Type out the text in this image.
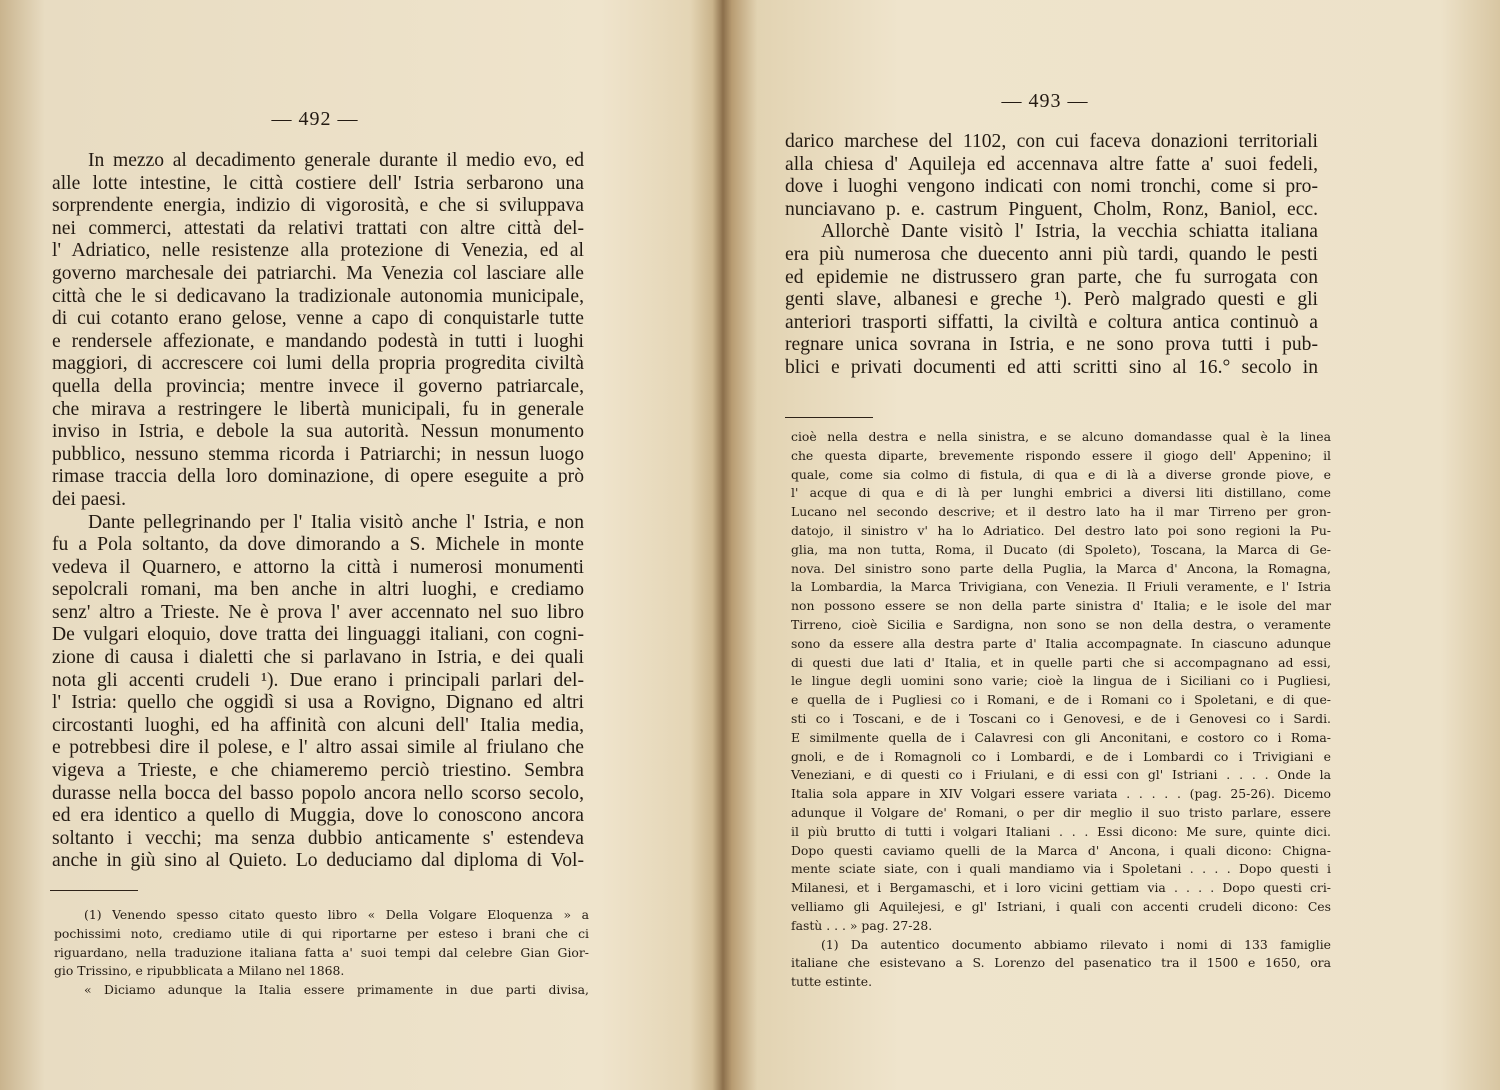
— 492 —
In mezzo al decadimento generale durante il medio evo, ed
alle lotte intestine, le città costiere dell' Istria serbarono una
sorprendente energia, indizio di vigorosità, e che si sviluppava
nei commerci, attestati da relativi trattati con altre città del-
l' Adriatico, nelle resistenze alla protezione di Venezia, ed al
governo marchesale dei patriarchi. Ma Venezia col lasciare alle
città che le si dedicavano la tradizionale autonomia municipale,
di cui cotanto erano gelose, venne a capo di conquistarle tutte
e rendersele affezionate, e mandando podestà in tutti i luoghi
maggiori, di accrescere coi lumi della propria progredita civiltà
quella della provincia; mentre invece il governo patriarcale,
che mirava a restringere le libertà municipali, fu in generale
inviso in Istria, e debole la sua autorità. Nessun monumento
pubblico, nessuno stemma ricorda i Patriarchi; in nessun luogo
rimase traccia della loro dominazione, di opere eseguite a prò
dei paesi.
Dante pellegrinando per l' Italia visitò anche l' Istria, e non
fu a Pola soltanto, da dove dimorando a S. Michele in monte
vedeva il Quarnero, e attorno la città i numerosi monumenti
sepolcrali romani, ma ben anche in altri luoghi, e crediamo
senz' altro a Trieste. Ne è prova l' aver accennato nel suo libro
De vulgari eloquio, dove tratta dei linguaggi italiani, con cogni-
zione di causa i dialetti che si parlavano in Istria, e dei quali
nota gli accenti crudeli ¹). Due erano i principali parlari del-
l' Istria: quello che oggidì si usa a Rovigno, Dignano ed altri
circostanti luoghi, ed ha affinità con alcuni dell' Italia media,
e potrebbesi dire il polese, e l' altro assai simile al friulano che
vigeva a Trieste, e che chiameremo perciò triestino. Sembra
durasse nella bocca del basso popolo ancora nello scorso secolo,
ed era identico a quello di Muggia, dove lo conoscono ancora
soltanto i vecchi; ma senza dubbio anticamente s' estendeva
anche in giù sino al Quieto. Lo deduciamo dal diploma di Vol-
(1) Venendo spesso citato questo libro « Della Volgare Eloquenza » a
pochissimi noto, crediamo utile di qui riportarne per esteso i brani che ci
riguardano, nella traduzione italiana fatta a' suoi tempi dal celebre Gian Gior-
gio Trissino, e ripubblicata a Milano nel 1868.
« Diciamo adunque la Italia essere primamente in due parti divisa,
— 493 —
darico marchese del 1102, con cui faceva donazioni territoriali
alla chiesa d' Aquileja ed accennava altre fatte a' suoi fedeli,
dove i luoghi vengono indicati con nomi tronchi, come si pro-
nunciavano p. e. castrum Pinguent, Cholm, Ronz, Baniol, ecc.
Allorchè Dante visitò l' Istria, la vecchia schiatta italiana
era più numerosa che duecento anni più tardi, quando le pesti
ed epidemie ne distrussero gran parte, che fu surrogata con
genti slave, albanesi e greche ¹). Però malgrado questi e gli
anteriori trasporti siffatti, la civiltà e coltura antica continuò a
regnare unica sovrana in Istria, e ne sono prova tutti i pub-
blici e privati documenti ed atti scritti sino al 16.° secolo in
cioè nella destra e nella sinistra, e se alcuno domandasse qual è la linea
che questa diparte, brevemente rispondo essere il giogo dell' Appenino; il
quale, come sia colmo di fistula, di qua e di là a diverse gronde piove, e
l' acque di qua e di là per lunghi embrici a diversi liti distillano, come
Lucano nel secondo descrive; et il destro lato ha il mar Tirreno per gron-
datojo, il sinistro v' ha lo Adriatico. Del destro lato poi sono regioni la Pu-
glia, ma non tutta, Roma, il Ducato (di Spoleto), Toscana, la Marca di Ge-
nova. Del sinistro sono parte della Puglia, la Marca d' Ancona, la Romagna,
la Lombardia, la Marca Trivigiana, con Venezia. Il Friuli veramente, e l' Istria
non possono essere se non della parte sinistra d' Italia; e le isole del mar
Tirreno, cioè Sicilia e Sardigna, non sono se non della destra, o veramente
sono da essere alla destra parte d' Italia accompagnate. In ciascuno adunque
di questi due lati d' Italia, et in quelle parti che si accompagnano ad essi,
le lingue degli uomini sono varie; cioè la lingua de i Siciliani co i Pugliesi,
e quella de i Pugliesi co i Romani, e de i Romani co i Spoletani, e di que-
sti co i Toscani, e de i Toscani co i Genovesi, e de i Genovesi co i Sardi.
E similmente quella de i Calavresi con gli Anconitani, e costoro co i Roma-
gnoli, e de i Romagnoli co i Lombardi, e de i Lombardi co i Trivigiani e
Veneziani, e di questi co i Friulani, e di essi con gl' Istriani . . . . Onde la
Italia sola appare in XIV Volgari essere variata . . . . . (pag. 25-26). Dicemo
adunque il Volgare de' Romani, o per dir meglio il suo tristo parlare, essere
il più brutto di tutti i volgari Italiani . . . Essi dicono: Me sure, quinte dici.
Dopo questi caviamo quelli de la Marca d' Ancona, i quali dicono: Chigna-
mente sciate siate, con i quali mandiamo via i Spoletani . . . . Dopo questi i
Milanesi, et i Bergamaschi, et i loro vicini gettiam via . . . . Dopo questi cri-
velliamo gli Aquilejesi, e gl' Istriani, i quali con accenti crudeli dicono: Ces
fastù . . . » pag. 27-28.
(1) Da autentico documento abbiamo rilevato i nomi di 133 famiglie
italiane che esistevano a S. Lorenzo del pasenatico tra il 1500 e 1650, ora
tutte estinte.
